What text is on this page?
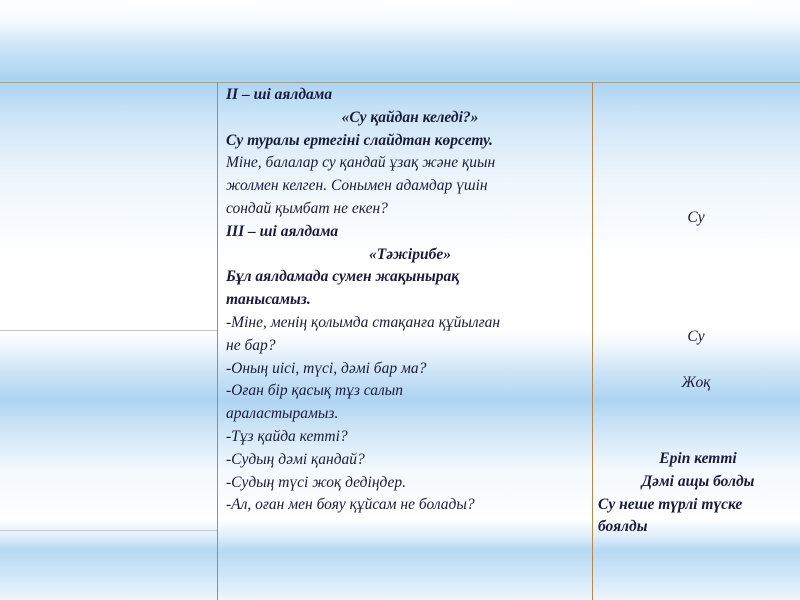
II – ші аялдама
«Су қайдан келеді?»
Су туралы ертегіні слайдтан көрсету.
Міне, балалар су қандай ұзақ және қиын
жолмен келген. Сонымен адамдар үшін
сондай қымбат не екен?
III – ші аялдама
«Тәжірибе»
Бұл аялдамада сумен жақынырақ
танысамыз.
-Міне, менің қолымда стақанға құйылған
не бар?
-Оның иісі, түсі, дәмі бар ма?
-Оған бір қасық тұз салып
араластырамыз.
-Тұз қайда кетті?
-Судың дәмі қандай?
-Судың түсі жоқ дедіңдер.
-Ал, оған мен бояу құйсам не болады?
Су
Су
Жоқ
Еріп кетті
Дәмі ащы болды
Су неше түрлі түске
боялды
